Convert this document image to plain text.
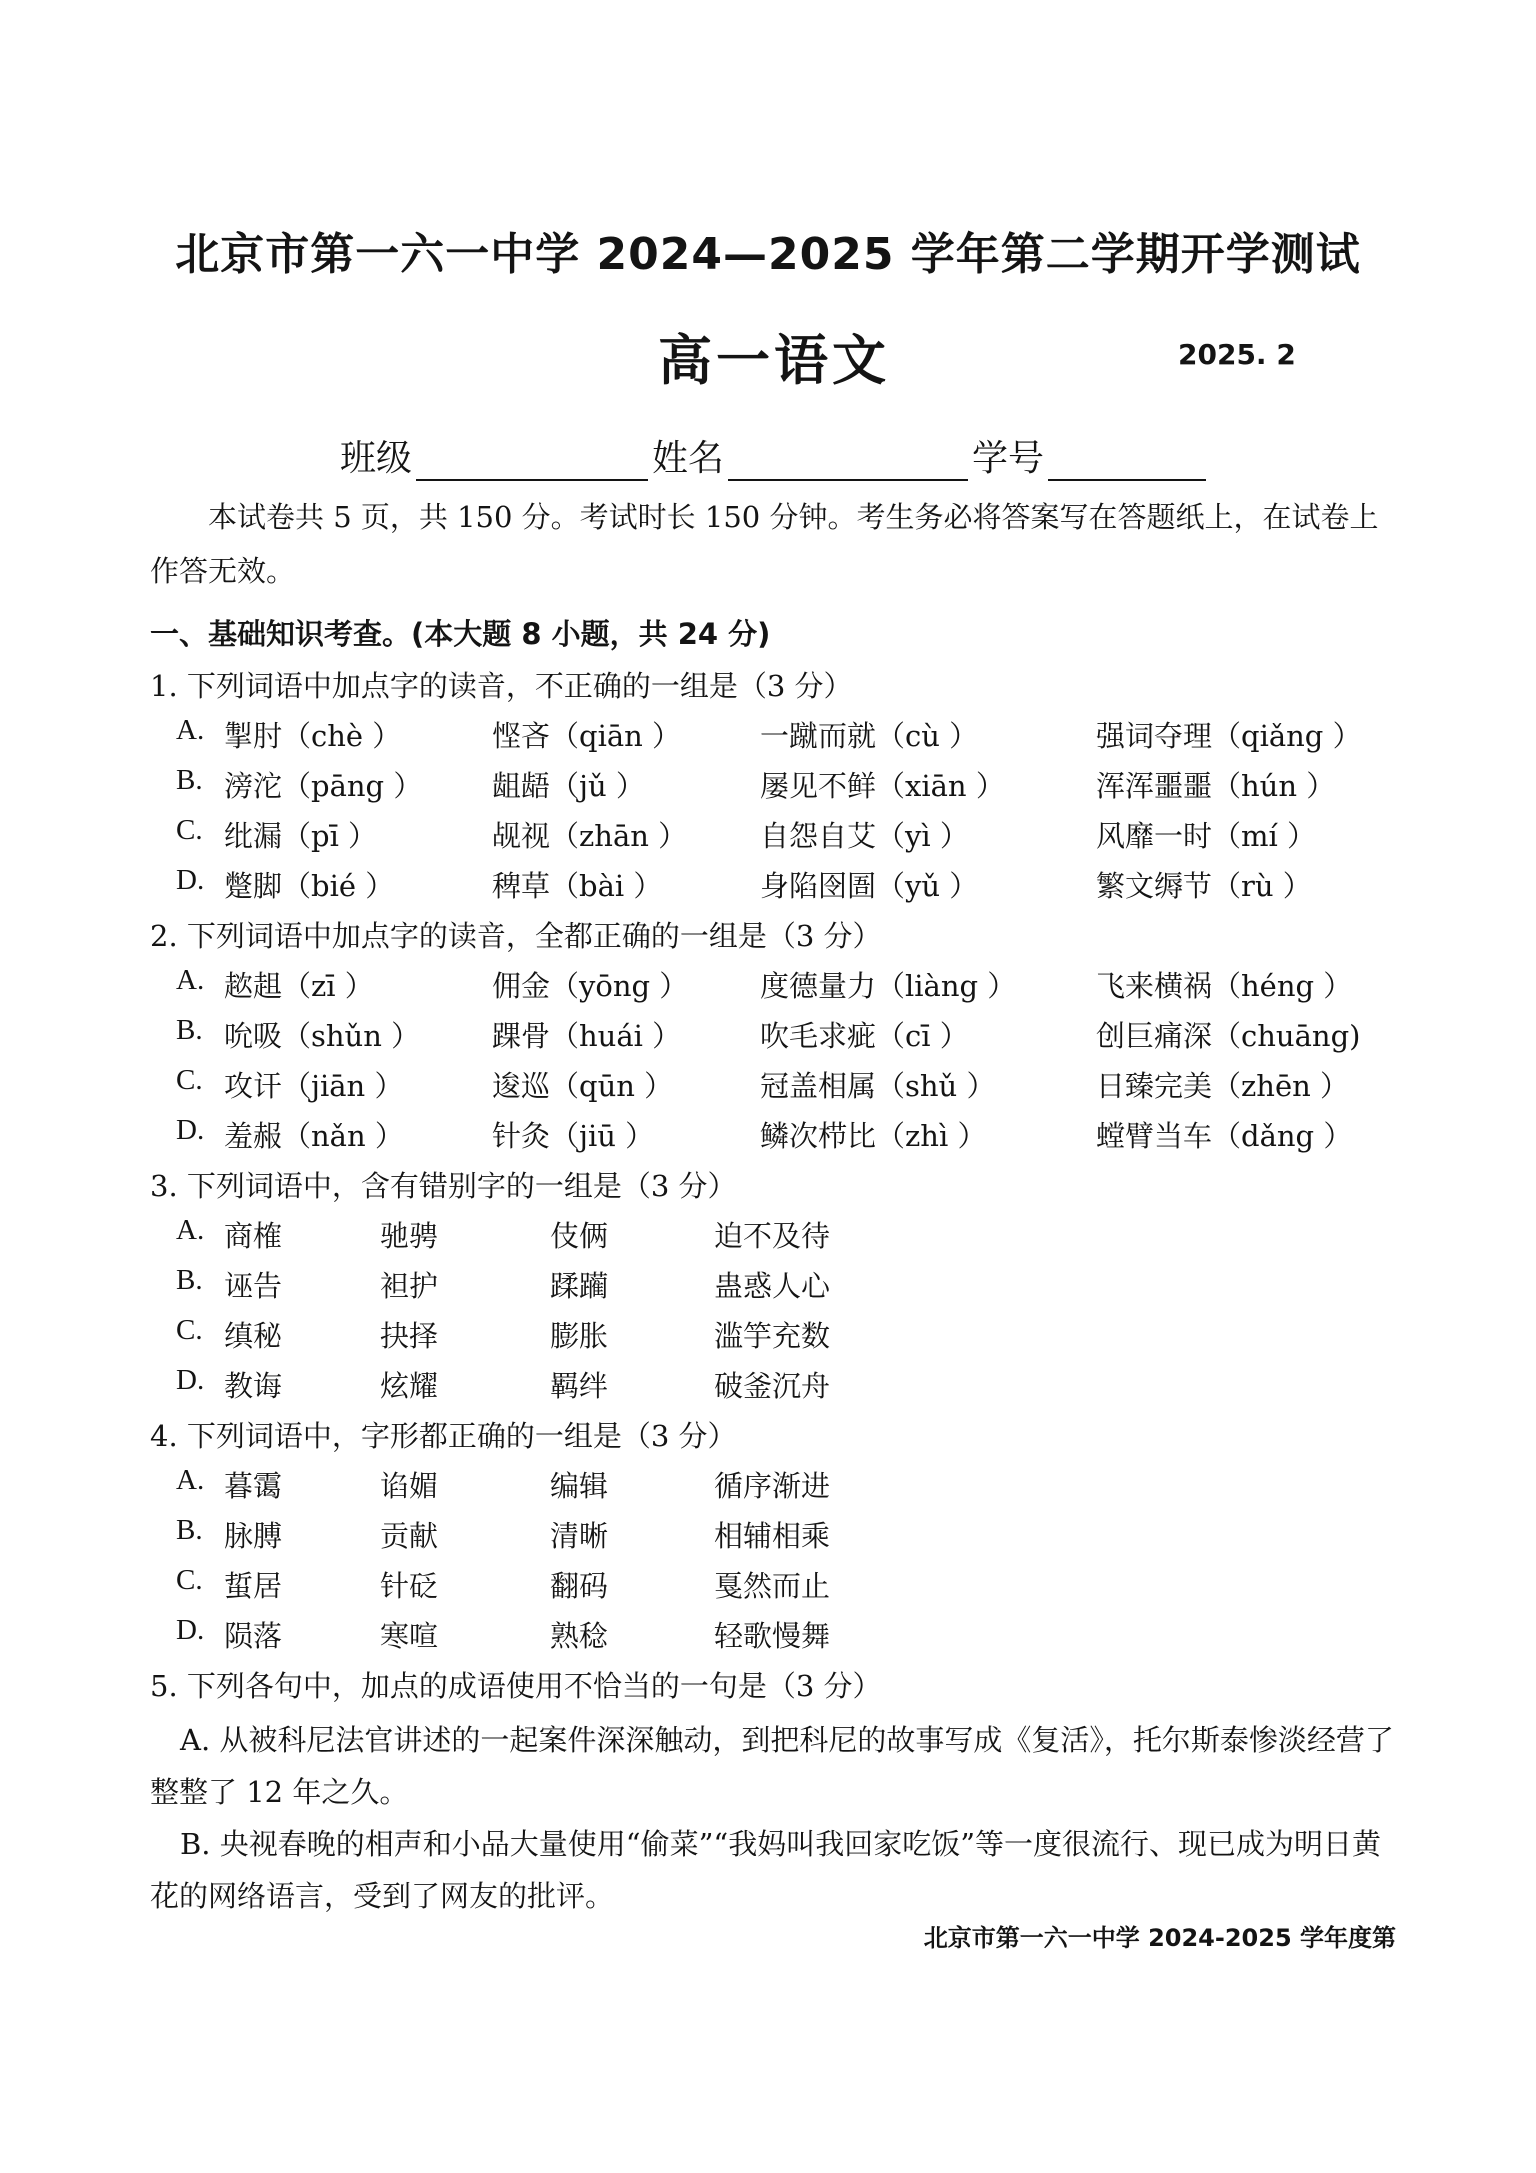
北京市第一六一中学 2024—2025 学年第二学期开学测试
高一语文	2025. 2
班级	姓名	学号
本试卷共 5 页，共 150 分。考试时长 150 分钟。考生务必将答案写在答题纸上，在试卷上作答无效。
一、基础知识考查。(本大题 8 小题，共 24 分)
1. 下列词语中加点字的读音，不正确的一组是（3 分）
A. 掣肘（chè ）	悭吝（qiān ）	一蹴而就（cù ）	强词夺理（qiǎng ）
B. 滂沱（pāng ） 龃龉（jǔ ）	屡见不鲜（xiān ）	浑浑噩噩（hún ）
C. 纰漏（pī ）	觇视（zhān ）	自怨自艾（yì ）	风靡一时（mí ）
D. 蹩脚（bié ）	稗草（bài ）	身陷囹圄（yǔ ）	繁文缛节（rù ）
2. 下列词语中加点字的读音，全都正确的一组是（3 分）
A. 趑趄（zī ）	佣金（yōng ） 度德量力（liàng ）	飞来横祸（héng ）
B. 吮吸（shǔn ） 踝骨（huái ）	吹毛求疵（cī ）	创巨痛深（chuāng)
C. 攻讦（jiān ）	逡巡（qūn ）	冠盖相属（shǔ ）	日臻完美（zhēn ）
D. 羞赧（nǎn ）	针灸（jiū ）	鳞次栉比（zhì ）	螳臂当车（dǎng ）
3. 下列词语中，含有错别字的一组是（3 分）
A. 商榷	驰骋	伎俩	迫不及待
B. 诬告	袒护	蹂躏	蛊惑人心
C. 缜秘	抉择	膨胀	滥竽充数
D. 教诲	炫耀	羁绊	破釜沉舟
4. 下列词语中，字形都正确的一组是（3 分）
A. 暮霭	谄媚	编辑	循序渐进
B. 脉膊	贡献	清晰	相辅相乘
C. 蜇居	针砭	翻码	戛然而止
D. 陨落	寒喧	熟稔	轻歌慢舞
5. 下列各句中，加点的成语使用不恰当的一句是（3 分）
A. 从被科尼法官讲述的一起案件深深触动，到把科尼的故事写成《复活》，托尔斯泰惨淡经营了整整了 12 年之久。
B. 央视春晚的相声和小品大量使用“偷菜”“我妈叫我回家吃饭”等一度很流行、现已成为明日黄花的网络语言，受到了网友的批评。
北京市第一六一中学 2024-2025 学年度第
